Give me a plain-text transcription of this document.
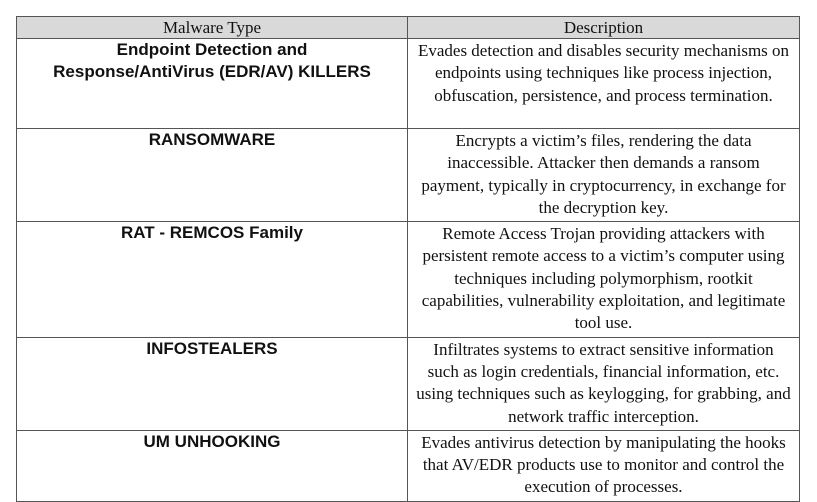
Malware Type	Description

Endpoint Detection and Response/AntiVirus (EDR/AV) KILLERS	Evades detection and disables security mechanisms on endpoints using techniques like process injection, obfuscation, persistence, and process termination.

RANSOMWARE	Encrypts a victim’s files, rendering the data inaccessible. Attacker then demands a ransom payment, typically in cryptocurrency, in exchange for the decryption key.

RAT - REMCOS Family	Remote Access Trojan providing attackers with persistent remote access to a victim’s computer using techniques including polymorphism, rootkit capabilities, vulnerability exploitation, and legitimate tool use.

INFOSTEALERS	Infiltrates systems to extract sensitive information such as login credentials, financial information, etc. using techniques such as keylogging, for grabbing, and network traffic interception.

UM UNHOOKING	Evades antivirus detection by manipulating the hooks that AV/EDR products use to monitor and control the execution of processes.
